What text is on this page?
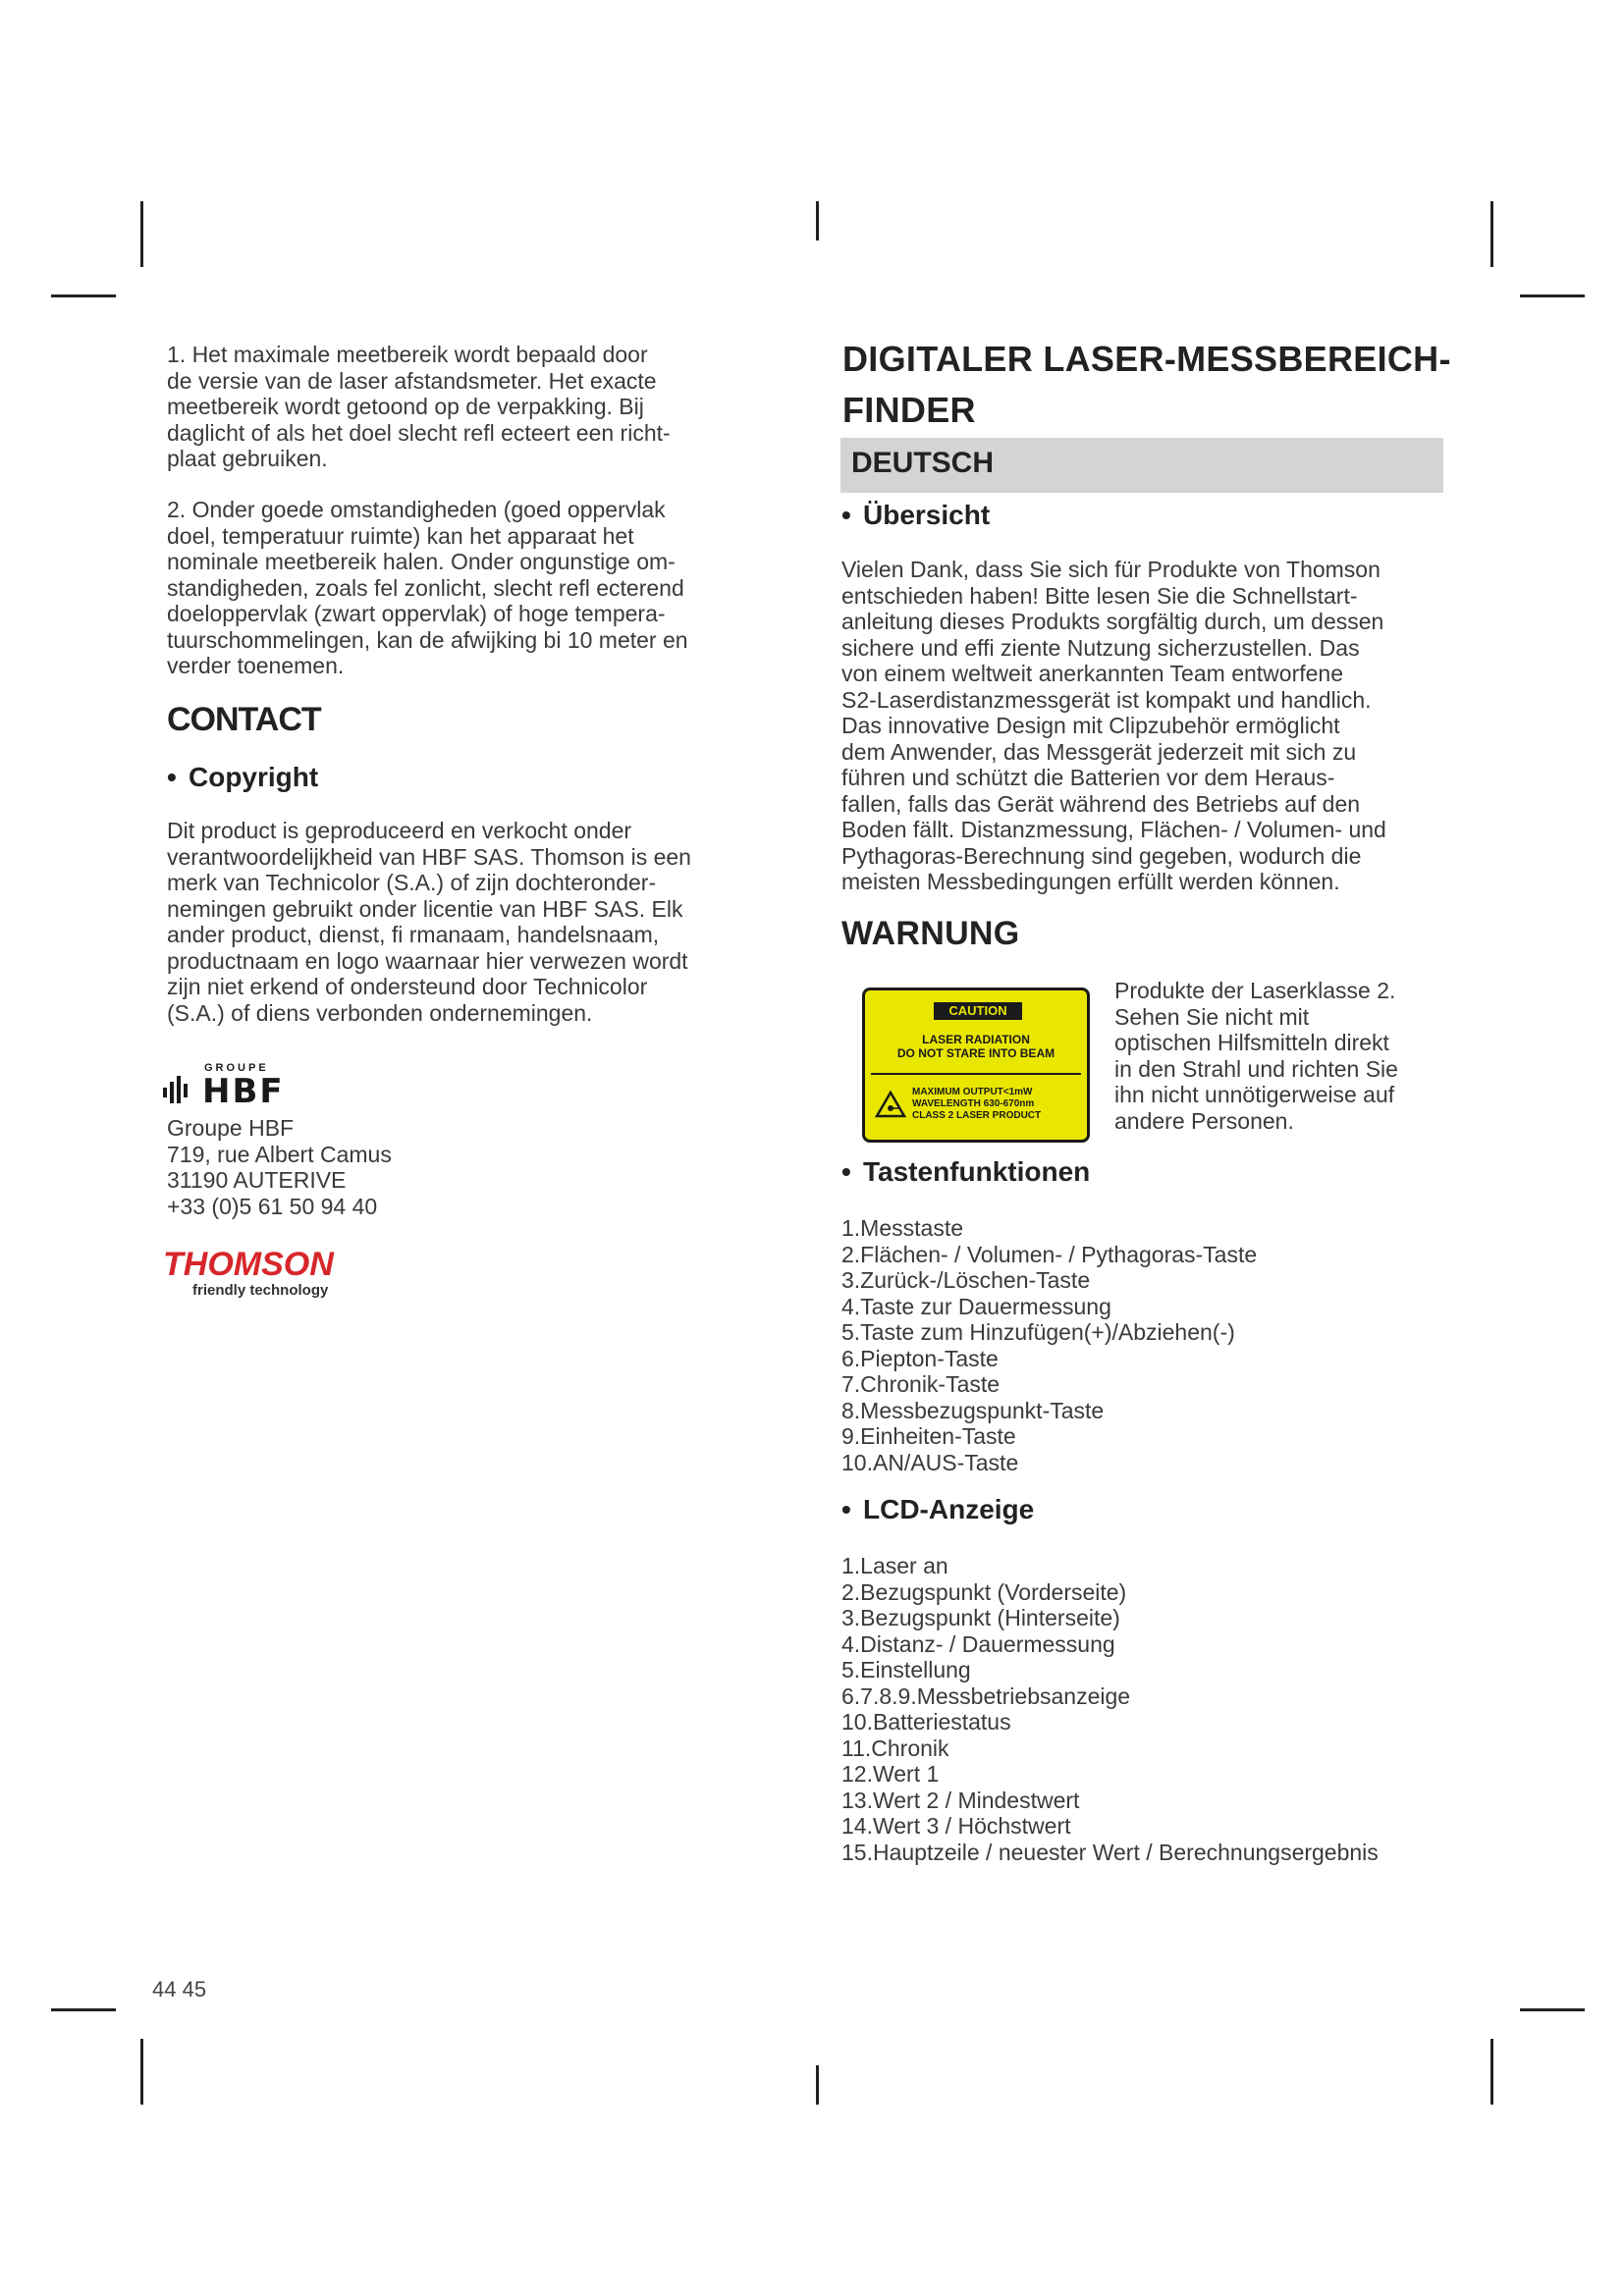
1. Het maximale meetbereik wordt bepaald door
de versie van de laser afstandsmeter. Het exacte
meetbereik wordt getoond op de verpakking. Bij
daglicht of als het doel slecht refl ecteert een richt-
plaat gebruiken.

2. Onder goede omstandigheden (goed oppervlak
doel, temperatuur ruimte) kan het apparaat het
nominale meetbereik halen. Onder ongunstige om-
standigheden, zoals fel zonlicht, slecht refl ecterend
doeloppervlak (zwart oppervlak) of hoge tempera-
tuurschommelingen, kan de afwijking bi 10 meter en
verder toenemen.

CONTACT
• Copyright

Dit product is geproduceerd en verkocht onder
verantwoordelijkheid van HBF SAS. Thomson is een
merk van Technicolor (S.A.) of zijn dochteronder-
nemingen gebruikt onder licentie van HBF SAS. Elk
ander product, dienst, fi rmanaam, handelsnaam,
productnaam en logo waarnaar hier verwezen wordt
zijn niet erkend of ondersteund door Technicolor
(S.A.) of diens verbonden ondernemingen.

GROUPE
HBF
Groupe HBF
719, rue Albert Camus
31190 AUTERIVE
+33 (0)5 61 50 94 40
THOMSON
friendly technology
44 45
DIGITALER LASER-MESSBEREICH-
FINDER
DEUTSCH
• Übersicht

Vielen Dank, dass Sie sich für Produkte von Thomson
entschieden haben! Bitte lesen Sie die Schnellstart-
anleitung dieses Produkts sorgfältig durch, um dessen
sichere und effi ziente Nutzung sicherzustellen. Das
von einem weltweit anerkannten Team entworfene
S2-Laserdistanzmessgerät ist kompakt und handlich.
Das innovative Design mit Clipzubehör ermöglicht
dem Anwender, das Messgerät jederzeit mit sich zu
führen und schützt die Batterien vor dem Heraus-
fallen, falls das Gerät während des Betriebs auf den
Boden fällt. Distanzmessung, Flächen- / Volumen- und
Pythagoras-Berechnung sind gegeben, wodurch die
meisten Messbedingungen erfüllt werden können.

WARNUNG
CAUTION
LASER RADIATION
DO NOT STARE INTO BEAM
MAXIMUM OUTPUT<1mW
WAVELENGTH 630-670nm
CLASS 2 LASER PRODUCT

Produkte der Laserklasse 2.
Sehen Sie nicht mit
optischen Hilfsmitteln direkt
in den Strahl und richten Sie
ihn nicht unnötigerweise auf
andere Personen.

• Tastenfunktionen
1.Messtaste
2.Flächen- / Volumen- / Pythagoras-Taste
3.Zurück-/Löschen-Taste
4.Taste zur Dauermessung
5.Taste zum Hinzufügen(+)/Abziehen(-)
6.Piepton-Taste
7.Chronik-Taste
8.Messbezugspunkt-Taste
9.Einheiten-Taste
10.AN/AUS-Taste
• LCD-Anzeige
1.Laser an
2.Bezugspunkt (Vorderseite)
3.Bezugspunkt (Hinterseite)
4.Distanz- / Dauermessung
5.Einstellung
6.7.8.9.Messbetriebsanzeige
10.Batteriestatus
11.Chronik
12.Wert 1
13.Wert 2 / Mindestwert
14.Wert 3 / Höchstwert
15.Hauptzeile / neuester Wert / Berechnungsergebnis
